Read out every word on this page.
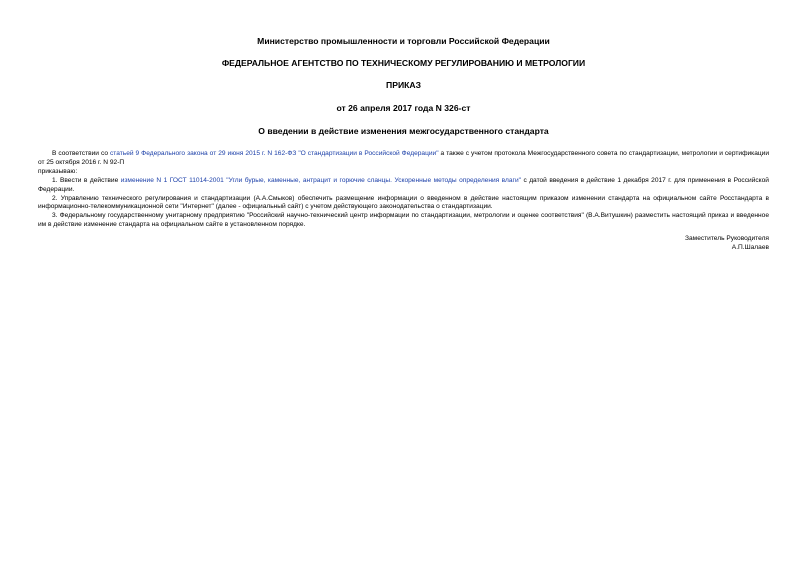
Министерство промышленности и торговли Российской Федерации

ФЕДЕРАЛЬНОЕ АГЕНТСТВО ПО ТЕХНИЧЕСКОМУ РЕГУЛИРОВАНИЮ И МЕТРОЛОГИИ

ПРИКАЗ

от 26 апреля 2017 года N 326-ст

О введении в действие изменения межгосударственного стандарта

В соответствии со статьей 9 Федерального закона от 29 июня 2015 г. N 162-ФЗ "О стандартизации в Российской Федерации" а также с учетом протокола Межгосударственного совета по стандартизации, метрологии и сертификации от 25 октября 2016 г. N 92-П

приказываю:

1. Ввести в действие изменение N 1 ГОСТ 11014-2001 "Угли бурые, каменные, антрацит и горючие сланцы. Ускоренные методы определения влаги" с датой введения в действие 1 декабря 2017 г. для применения в Российской Федерации.

2. Управлению технического регулирования и стандартизации (А.А.Смыков) обеспечить размещение информации о введенном в действие настоящим приказом изменении стандарта на официальном сайте Росстандарта в информационно-телекоммуникационной сети "Интернет" (далее - официальный сайт) с учетом действующего законодательства о стандартизации.

3. Федеральному государственному унитарному предприятию "Российский научно-технический центр информации по стандартизации, метрологии и оценке соответствия" (В.А.Витушкин) разместить настоящий приказ и введенное им в действие изменение стандарта на официальном сайте в установленном порядке.

Заместитель Руководителя
А.П.Шалаев
